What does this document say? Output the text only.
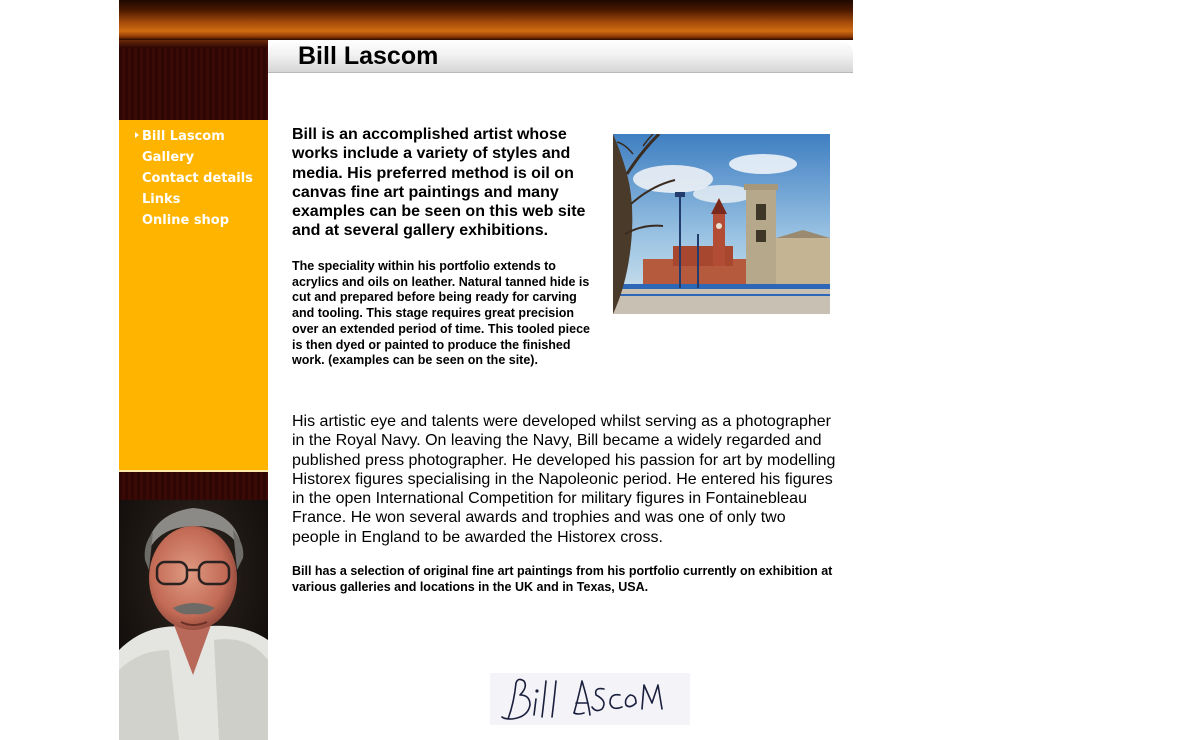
Bill Lascom
Bill Lascom
Gallery
Contact details
Links
Online shop

Bill is an accomplished artist whose works include a variety of styles and media. His preferred method is oil on canvas fine art paintings and many examples can be seen on this web site and at several gallery exhibitions.

The speciality within his portfolio extends to acrylics and oils on leather. Natural tanned hide is cut and prepared before being ready for carving and tooling. This stage requires great precision over an extended period of time. This tooled piece is then dyed or painted to produce the finished work. (examples can be seen on the site).

His artistic eye and talents were developed whilst serving as a photographer in the Royal Navy. On leaving the Navy, Bill became a widely regarded and published press photographer. He developed his passion for art by modelling Historex figures specialising in the Napoleonic period. He entered his figures in the open International Competition for military figures in Fontainebleau France. He won several awards and trophies and was one of only two people in England to be awarded the Historex cross.

Bill has a selection of original fine art paintings from his portfolio currently on exhibition at various galleries and locations in the UK and in Texas, USA.
